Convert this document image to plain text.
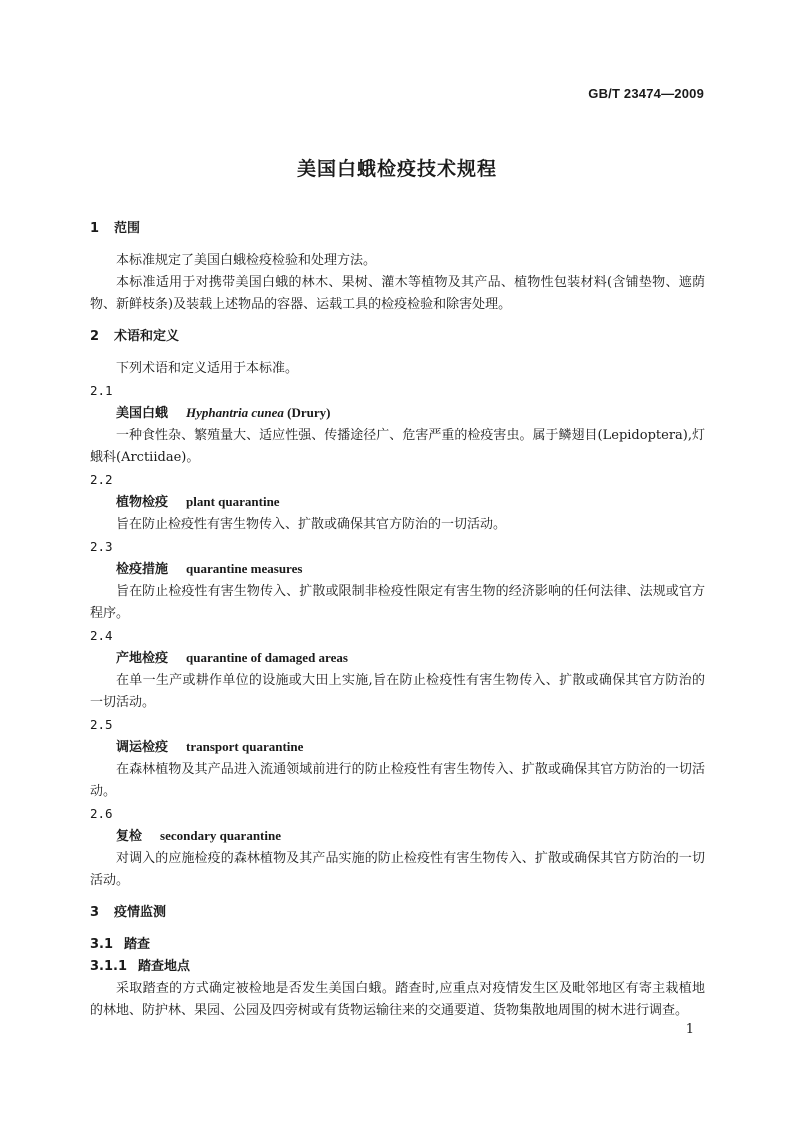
GB/T 23474—2009
美国白蛾检疫技术规程
1 范围
本标准规定了美国白蛾检疫检验和处理方法。
本标准适用于对携带美国白蛾的林木、果树、灌木等植物及其产品、植物性包装材料(含铺垫物、遮荫物、新鲜枝条)及装载上述物品的容器、运载工具的检疫检验和除害处理。
2 术语和定义
下列术语和定义适用于本标准。
2.1
美国白蛾 Hyphantria cunea (Drury)
一种食性杂、繁殖量大、适应性强、传播途径广、危害严重的检疫害虫。属于鳞翅目(Lepidoptera),灯蛾科(Arctiidae)。
2.2
植物检疫 plant quarantine
旨在防止检疫性有害生物传入、扩散或确保其官方防治的一切活动。
2.3
检疫措施 quarantine measures
旨在防止检疫性有害生物传入、扩散或限制非检疫性限定有害生物的经济影响的任何法律、法规或官方程序。
2.4
产地检疫 quarantine of damaged areas
在单一生产或耕作单位的设施或大田上实施,旨在防止检疫性有害生物传入、扩散或确保其官方防治的一切活动。
2.5
调运检疫 transport quarantine
在森林植物及其产品进入流通领域前进行的防止检疫性有害生物传入、扩散或确保其官方防治的一切活动。
2.6
复检 secondary quarantine
对调入的应施检疫的森林植物及其产品实施的防止检疫性有害生物传入、扩散或确保其官方防治的一切活动。
3 疫情监测
3.1 踏查
3.1.1 踏查地点
采取踏查的方式确定被检地是否发生美国白蛾。踏查时,应重点对疫情发生区及毗邻地区有寄主栽植地的林地、防护林、果园、公园及四旁树或有货物运输往来的交通要道、货物集散地周围的树木进行调查。
1
